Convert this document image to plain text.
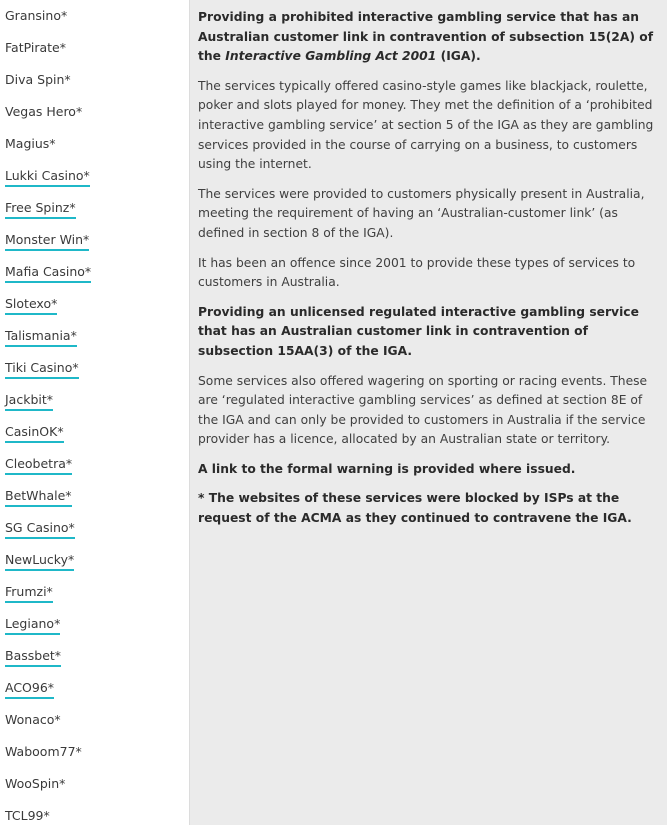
Gransino*
FatPirate*
Diva Spin*
Vegas Hero*
Magius*
Lukki Casino*
Free Spinz*
Monster Win*
Mafia Casino*
Slotexo*
Talismania*
Tiki Casino*
Jackbit*
CasinOK*
Cleobetra*
BetWhale*
SG Casino*
NewLucky*
Frumzi*
Legiano*
Bassbet*
ACO96*
Wonaco*
Waboom77*
WooSpin*
TCL99*

Providing a prohibited interactive gambling service that has an Australian customer link in contravention of subsection 15(2A) of the Interactive Gambling Act 2001 (IGA).

The services typically offered casino-style games like blackjack, roulette, poker and slots played for money. They met the definition of a ‘prohibited interactive gambling service’ at section 5 of the IGA as they are gambling services provided in the course of carrying on a business, to customers using the internet.

The services were provided to customers physically present in Australia, meeting the requirement of having an ‘Australian-customer link’ (as defined in section 8 of the IGA).

It has been an offence since 2001 to provide these types of services to customers in Australia.

Providing an unlicensed regulated interactive gambling service that has an Australian customer link in contravention of subsection 15AA(3) of the IGA.

Some services also offered wagering on sporting or racing events. These are ‘regulated interactive gambling services’ as defined at section 8E of the IGA and can only be provided to customers in Australia if the service provider has a licence, allocated by an Australian state or territory.

A link to the formal warning is provided where issued.

* The websites of these services were blocked by ISPs at the request of the ACMA as they continued to contravene the IGA.
